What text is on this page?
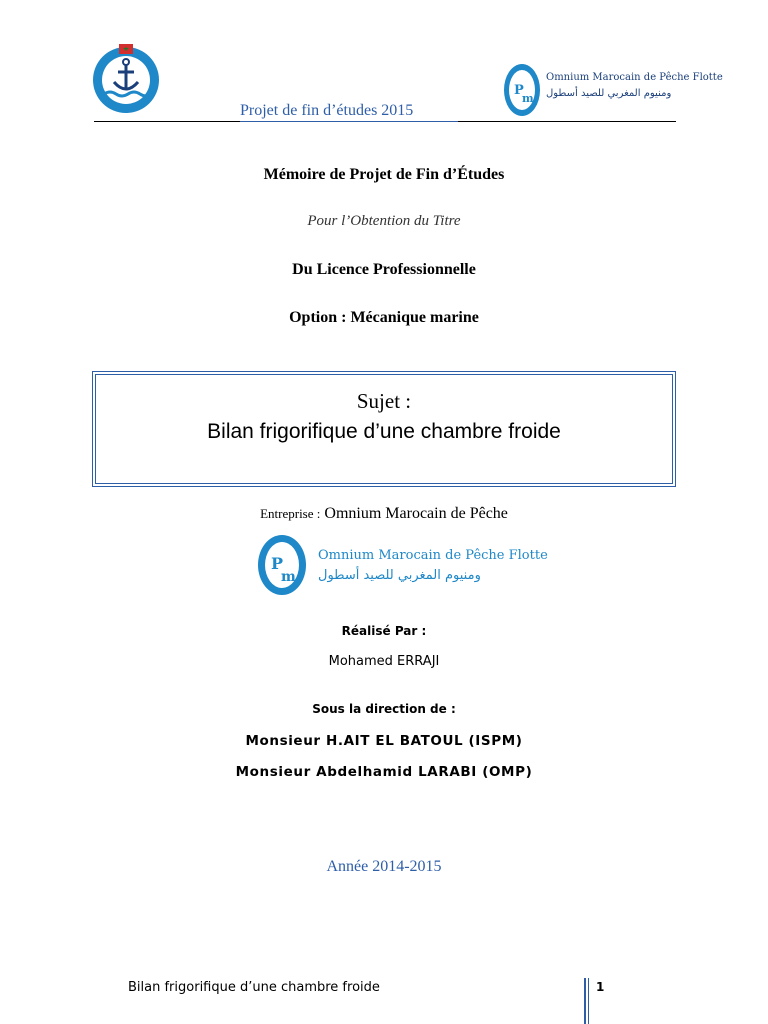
P
m
Omnium Marocain de Pêche Flotte
ومنيوم المغربي للصيد أسطول
Projet de fin d’études 2015
Mémoire de Projet de Fin d’Études
Pour l’Obtention du Titre
Du Licence Professionnelle
Option : Mécanique marine
Sujet :
Bilan frigorifique d’une chambre froide
Entreprise : Omnium Marocain de Pêche
P
m
Omnium Marocain de Pêche Flotte
ومنيوم المغربي للصيد أسطول
Réalisé Par :
Mohamed ERRAJI
Sous la direction de :
Monsieur H.AIT EL BATOUL (ISPM)
Monsieur Abdelhamid LARABI (OMP)
Année 2014-2015
Bilan frigorifique d’une chambre froide	1
